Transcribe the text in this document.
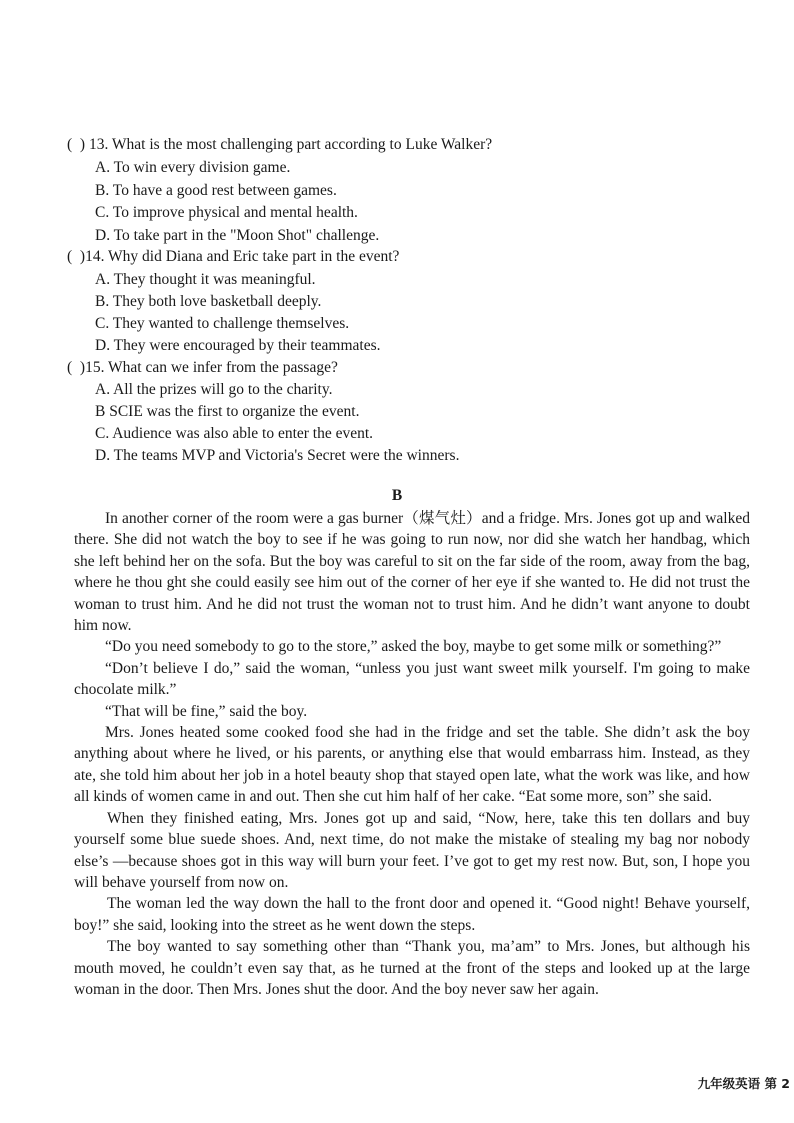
(  ) 13. What is the most challenging part according to Luke Walker?
A. To win every division game.
B. To have a good rest between games.
C. To improve physical and mental health.
D. To take part in the "Moon Shot" challenge.
(  )14. Why did Diana and Eric take part in the event?
A. They thought it was meaningful.
B. They both love basketball deeply.
C. They wanted to challenge themselves.
D. They were encouraged by their teammates.
(  )15. What can we infer from the passage?
A. All the prizes will go to the charity.
B SCIE was the first to organize the event.
C. Audience was also able to enter the event.
D. The teams MVP and Victoria's Secret were the winners.
B

In another corner of the room were a gas burner（煤气灶）and a fridge. Mrs. Jones got up and walked there. She did not watch the boy to see if he was going to run now, nor did she watch her handbag, which she left behind her on the sofa. But the boy was careful to sit on the far side of the room, away from the bag, where he thou ght she could easily see him out of the corner of her eye if she wanted to. He did not trust the woman to trust him. And he did not trust the woman not to trust him. And he didn’t want anyone to doubt him now.

“Do you need somebody to go to the store,” asked the boy, maybe to get some milk or something?”

“Don’t believe I do,” said the woman, “unless you just want sweet milk yourself. I'm going to make chocolate milk.”

“That will be fine,” said the boy.

Mrs. Jones heated some cooked food she had in the fridge and set the table. She didn’t ask the boy anything about where he lived, or his parents, or anything else that would embarrass him. Instead, as they ate, she told him about her job in a hotel beauty shop that stayed open late, what the work was like, and how all kinds of women came in and out. Then she cut him half of her cake. “Eat some more, son” she said.

When they finished eating, Mrs. Jones got up and said, “Now, here, take this ten dollars and buy yourself some blue suede shoes. And, next time, do not make the mistake of stealing my bag nor nobody else’s —because shoes got in this way will burn your feet. I’ve got to get my rest now. But, son, I hope you will behave yourself from now on.

The woman led the way down the hall to the front door and opened it. “Good night! Behave yourself, boy!” she said, looking into the street as he went down the steps.

The boy wanted to say something other than “Thank you, ma’am” to Mrs. Jones, but although his mouth moved, he couldn’t even say that, as he turned at the front of the steps and looked up at the large woman in the door. Then Mrs. Jones shut the door. And the boy never saw her again.

九年级英语 第 2
